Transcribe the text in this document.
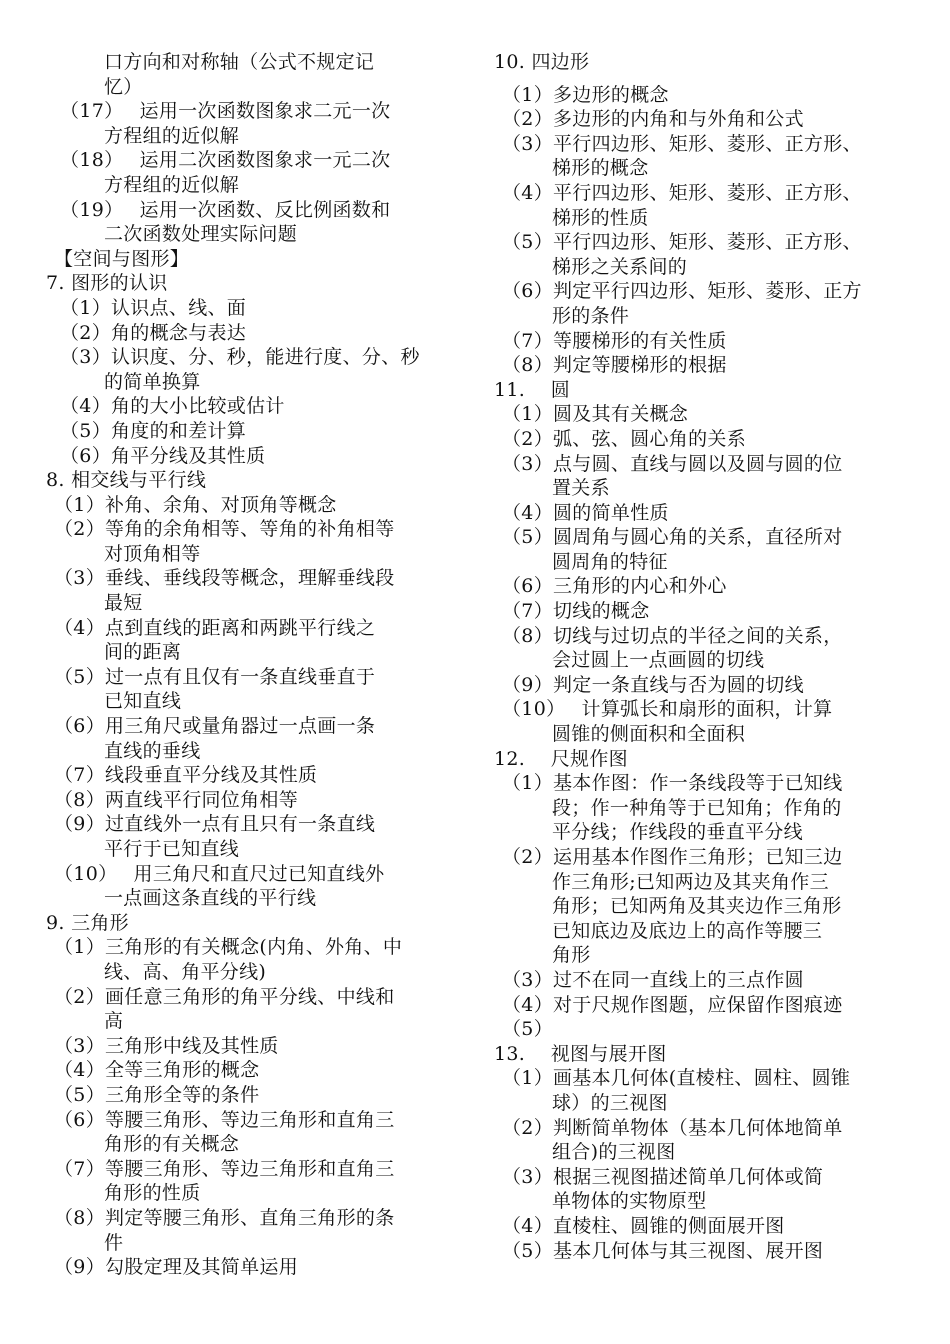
口方向和对称轴（公式不规定记
忆）
（17）　 运用一次函数图象求二元一次
方程组的近似解
（18）　 运用二次函数图象求一元二次
方程组的近似解
（19）　 运用一次函数、反比例函数和
二次函数处理实际问题
【空间与图形】
7. 图形的认识
（1）认识点、线、面
（2）角的概念与表达
（3）认识度、分、秒，能进行度、分、秒
的简单换算
（4）角的大小比较或估计
（5）角度的和差计算
（6）角平分线及其性质
8. 相交线与平行线
（1）补角、余角、对顶角等概念
（2）等角的余角相等、等角的补角相等
对顶角相等
（3）垂线、垂线段等概念，理解垂线段
最短
（4）点到直线的距离和两跳平行线之
间的距离
（5）过一点有且仅有一条直线垂直于
已知直线
（6）用三角尺或量角器过一点画一条
直线的垂线
（7）线段垂直平分线及其性质
（8）两直线平行同位角相等
（9）过直线外一点有且只有一条直线
平行于已知直线
（10）　 用三角尺和直尺过已知直线外
一点画这条直线的平行线
9. 三角形
（1）三角形的有关概念(内角、外角、中
线、高、角平分线)
（2）画任意三角形的角平分线、中线和
高
（3）三角形中线及其性质
（4）全等三角形的概念
（5）三角形全等的条件
（6）等腰三角形、等边三角形和直角三
角形的有关概念
（7）等腰三角形、等边三角形和直角三
角形的性质
（8）判定等腰三角形、直角三角形的条
件
（9）勾股定理及其简单运用
10. 四边形
（1）多边形的概念
（2）多边形的内角和与外角和公式
（3）平行四边形、矩形、菱形、正方形、
梯形的概念
（4）平行四边形、矩形、菱形、正方形、
梯形的性质
（5）平行四边形、矩形、菱形、正方形、
梯形之关系间的
（6）判定平行四边形、矩形、菱形、正方
形的条件
（7）等腰梯形的有关性质
（8）判定等腰梯形的根据
11.　 圆
（1）圆及其有关概念
（2）弧、弦、圆心角的关系
（3）点与圆、直线与圆以及圆与圆的位
置关系
（4）圆的简单性质
（5）圆周角与圆心角的关系，直径所对
圆周角的特征
（6）三角形的内心和外心
（7）切线的概念
（8）切线与过切点的半径之间的关系，
会过圆上一点画圆的切线
（9）判定一条直线与否为圆的切线
（10）　 计算弧长和扇形的面积，计算
圆锥的侧面积和全面积
12.　 尺规作图
（1）基本作图：作一条线段等于已知线
段；作一种角等于已知角；作角的
平分线；作线段的垂直平分线
（2）运用基本作图作三角形；已知三边
作三角形;已知两边及其夹角作三
角形；已知两角及其夹边作三角形
已知底边及底边上的高作等腰三
角形
（3）过不在同一直线上的三点作圆
（4）对于尺规作图题，应保留作图痕迹
（5）
13.　 视图与展开图
（1）画基本几何体(直棱柱、圆柱、圆锥
球）的三视图
（2）判断简单物体（基本几何体地简单
组合)的三视图
（3）根据三视图描述简单几何体或简
单物体的实物原型
（4）直棱柱、圆锥的侧面展开图
（5）基本几何体与其三视图、展开图
